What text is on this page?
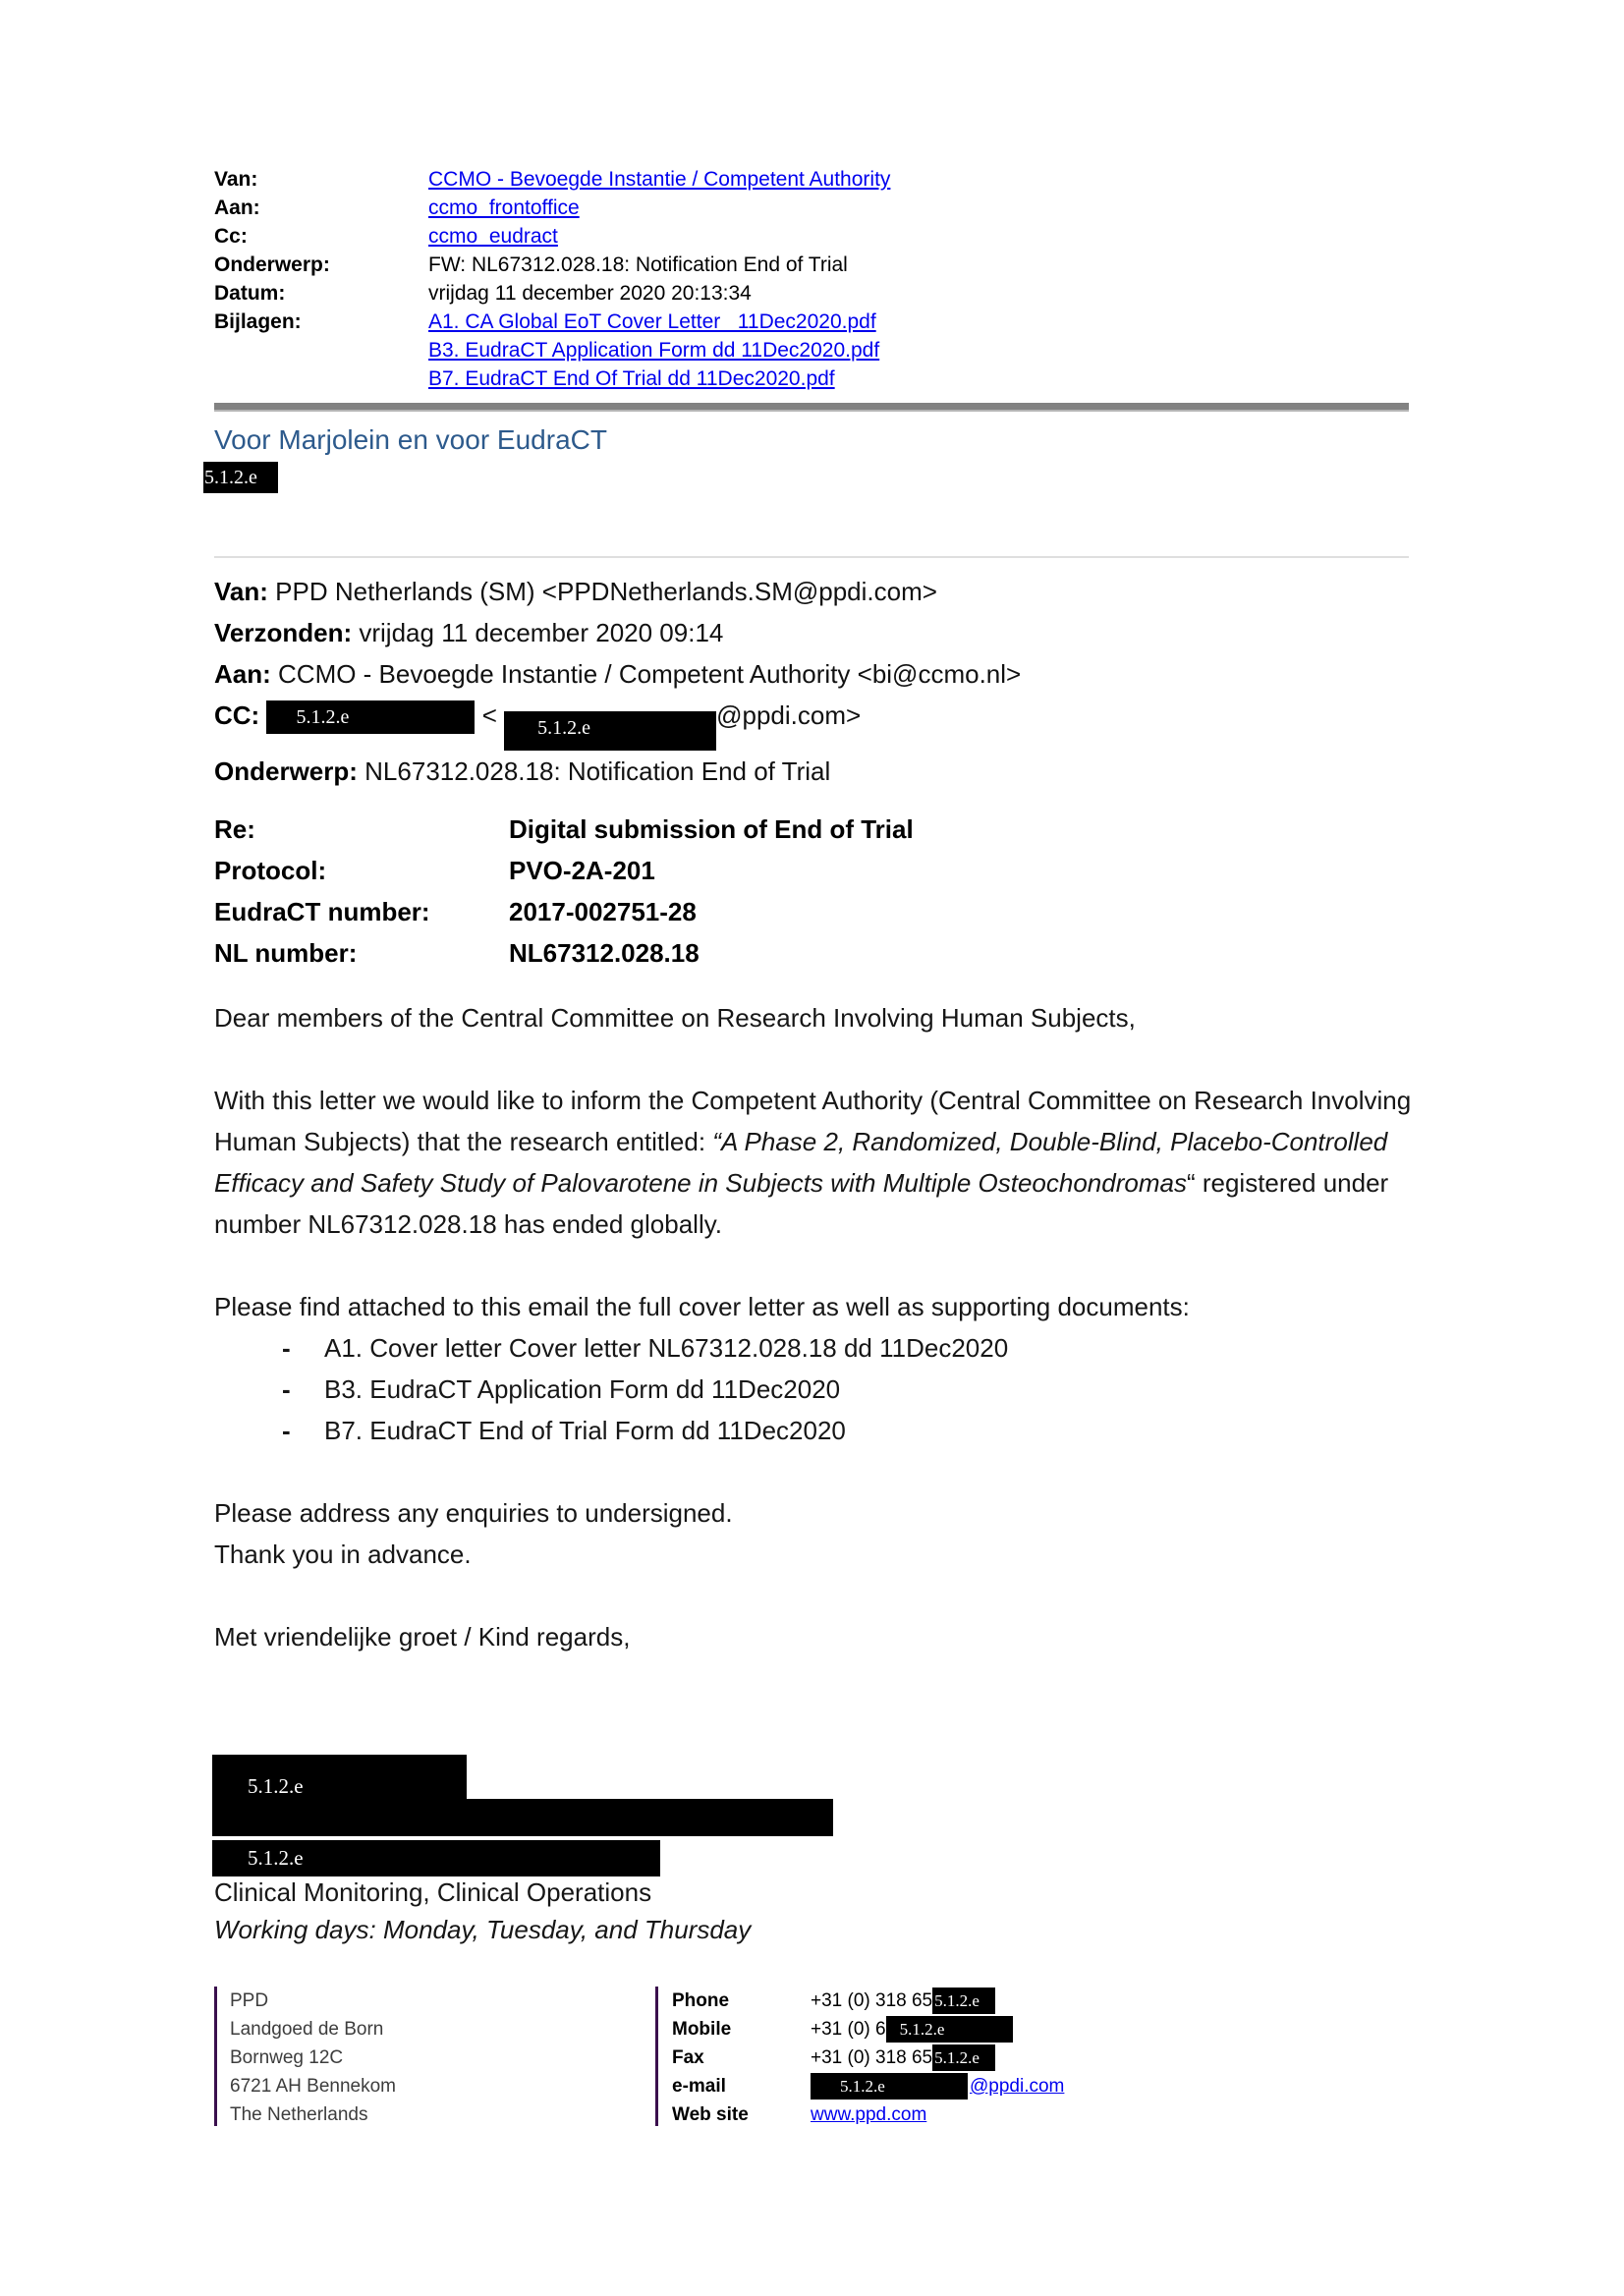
Van:	CCMO - Bevoegde Instantie / Competent Authority
Aan:	ccmo_frontoffice
Cc:	ccmo_eudract
Onderwerp:	FW: NL67312.028.18: Notification End of Trial
Datum:	vrijdag 11 december 2020 20:13:34
Bijlagen:	A1. CA Global EoT Cover Letter_ 11Dec2020.pdf
B3. EudraCT Application Form dd 11Dec2020.pdf
B7. EudraCT End Of Trial dd 11Dec2020.pdf
Voor Marjolein en voor EudraCT
5.1.2.e
Van: PPD Netherlands (SM) <PPDNetherlands.SM@ppdi.com>
Verzonden: vrijdag 11 december 2020 09:14
Aan: CCMO - Bevoegde Instantie / Competent Authority <bi@ccmo.nl>
CC: 5.1.2.e	< 5.1.2.e	@ppdi.com>
Onderwerp: NL67312.028.18: Notification End of Trial
Re:	Digital submission of End of Trial
Protocol:	PVO-2A-201
EudraCT number:	2017-002751-28
NL number:	NL67312.028.18
Dear members of the Central Committee on Research Involving Human Subjects,
With this letter we would like to inform the Competent Authority (Central Committee on Research Involving Human Subjects) that the research entitled: “A Phase 2, Randomized, Double-Blind, Placebo-Controlled Efficacy and Safety Study of Palovarotene in Subjects with Multiple Osteochondromas“ registered under number NL67312.028.18 has ended globally.
Please find attached to this email the full cover letter as well as supporting documents:
-	A1. Cover letter Cover letter NL67312.028.18 dd 11Dec2020
-	B3. EudraCT Application Form dd 11Dec2020
-	B7. EudraCT End of Trial Form dd 11Dec2020
Please address any enquiries to undersigned.
Thank you in advance.
Met vriendelijke groet / Kind regards,
5.1.2.e
5.1.2.e
Clinical Monitoring, Clinical Operations
Working days: Monday, Tuesday, and Thursday
PPD
Landgoed de Born
Bornweg 12C
6721 AH Bennekom
The Netherlands
Phone	+31 (0) 318 65 5.1.2.e
Mobile	+31 (0) 6 5.1.2.e
Fax	+31 (0) 318 65 5.1.2.e
e-mail	5.1.2.e	@ppdi.com
Web site	www.ppd.com
